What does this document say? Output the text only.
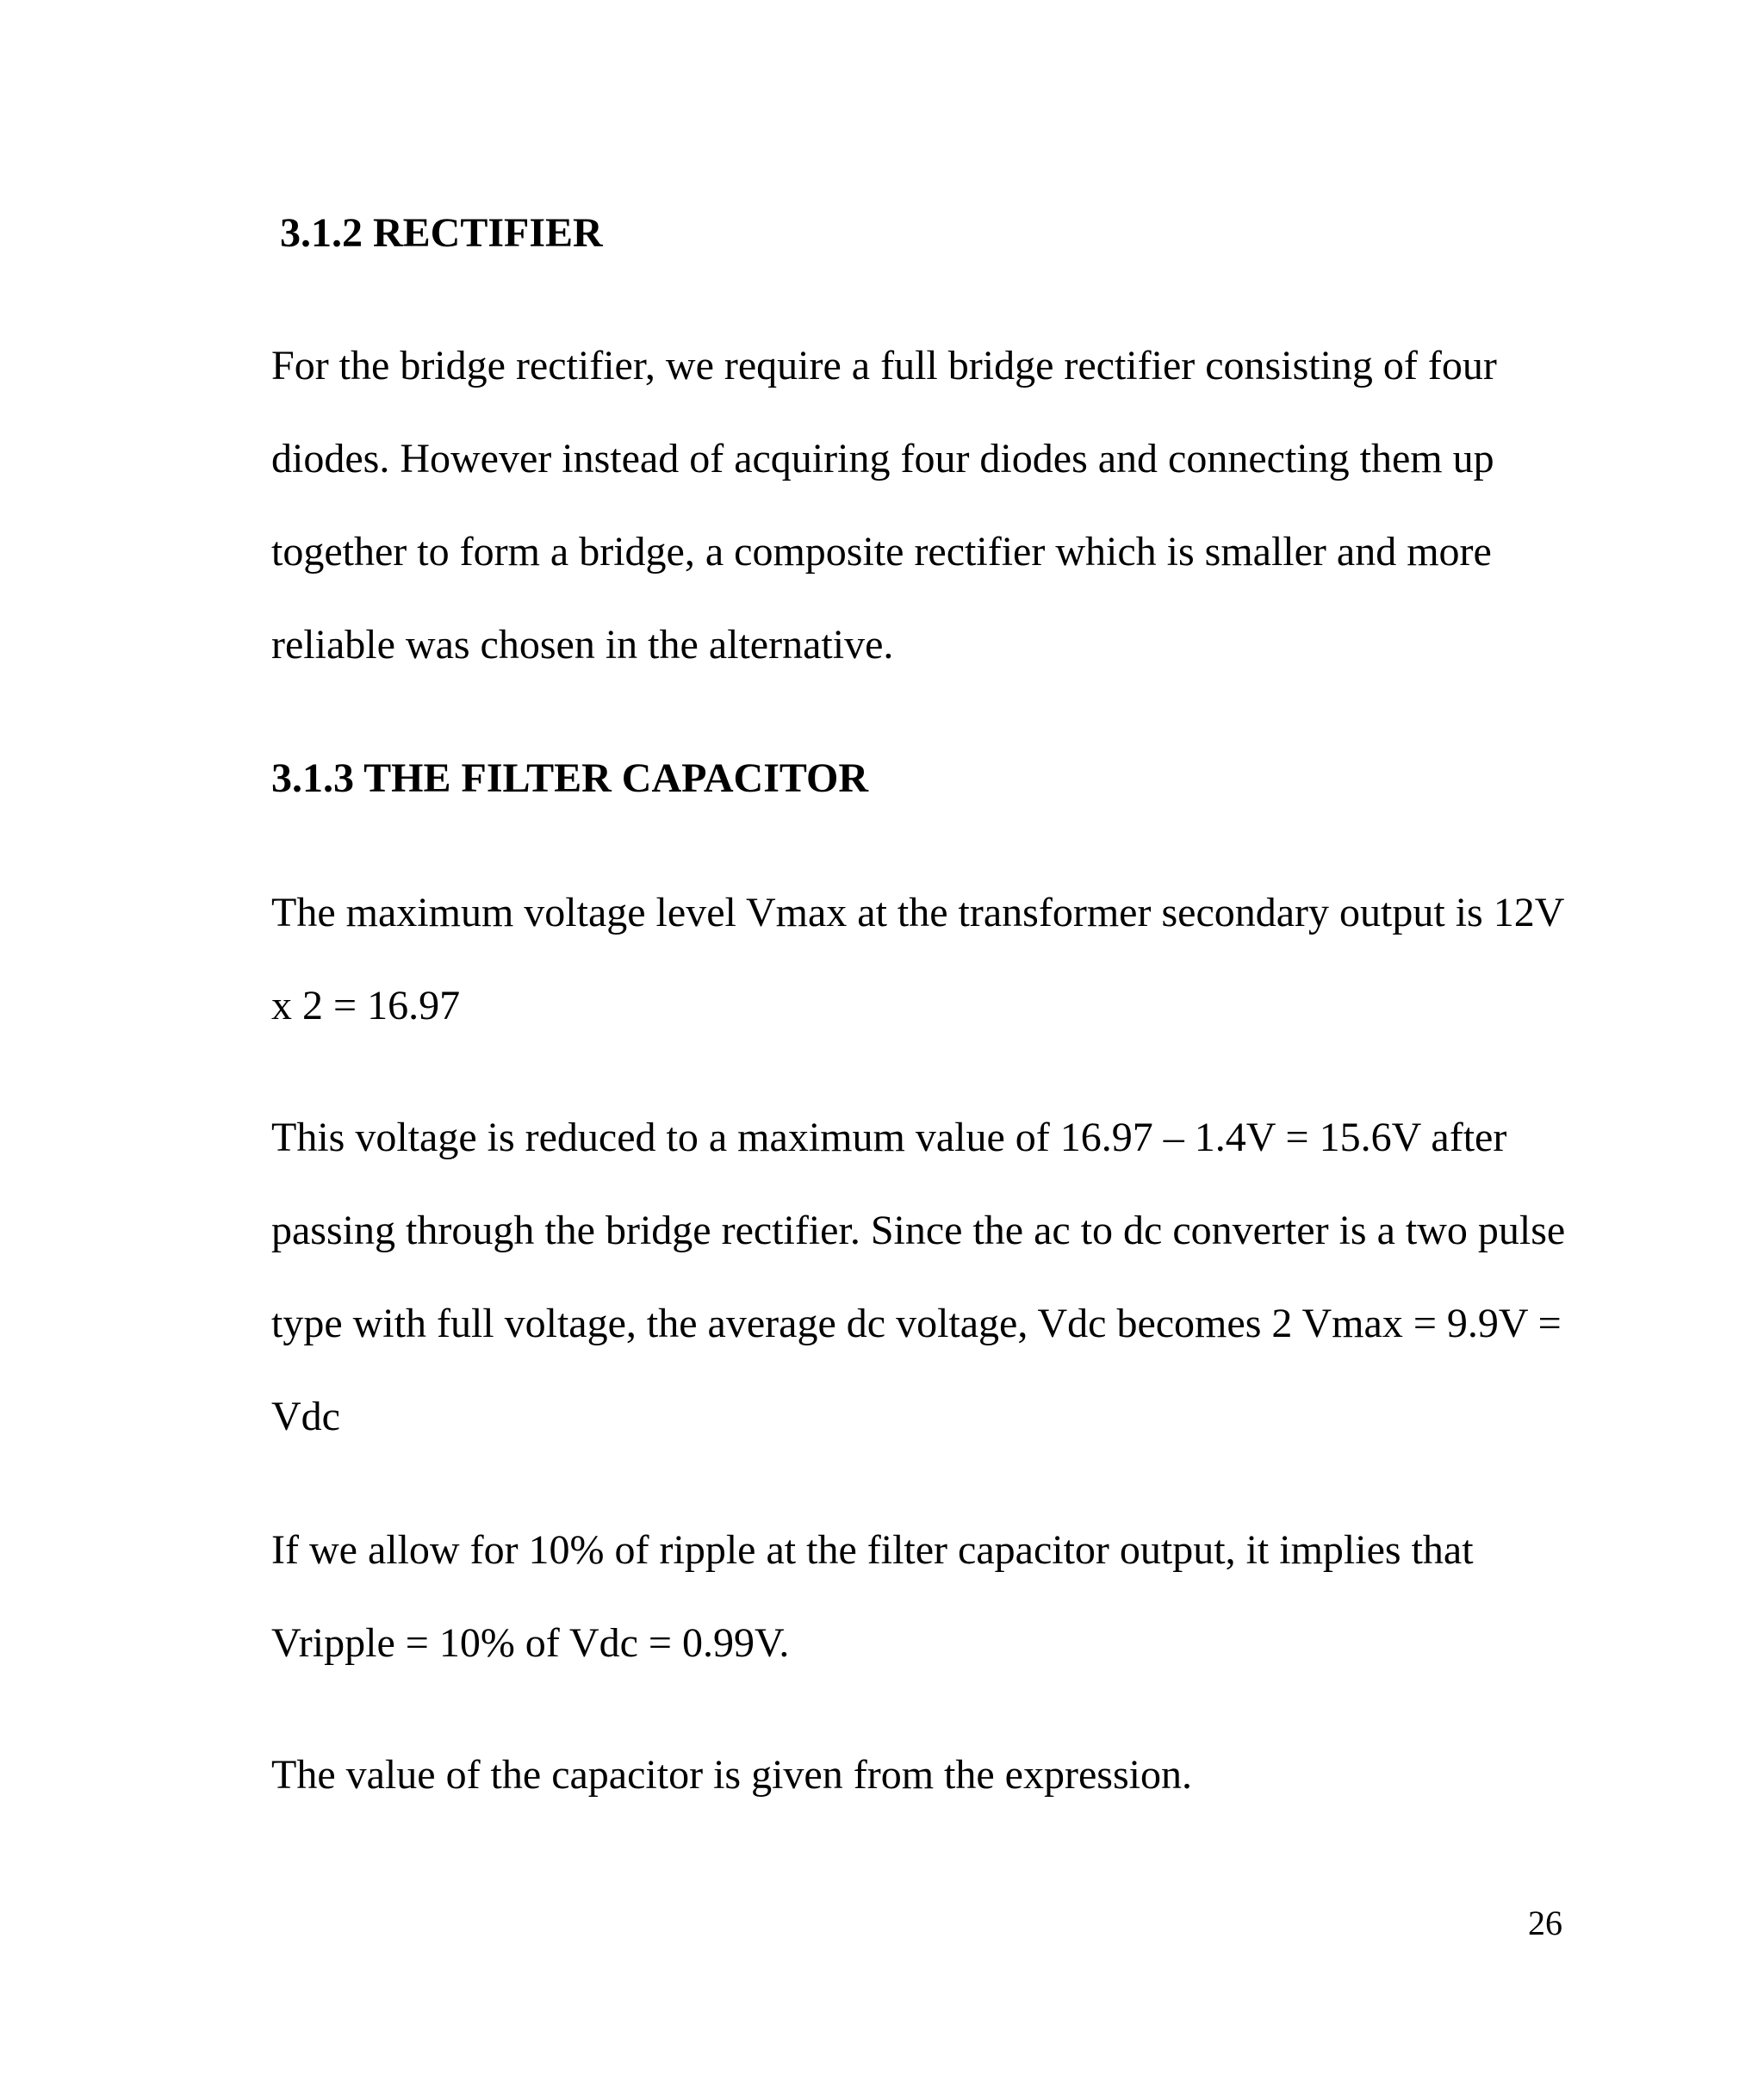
3.1.2 RECTIFIER

For the bridge rectifier, we require a full bridge rectifier consisting of four

diodes. However instead of acquiring four diodes and connecting them up

together to form a bridge, a composite rectifier which is smaller and more

reliable was chosen in the alternative.

3.1.3 THE FILTER CAPACITOR

The maximum voltage level Vmax at the transformer secondary output is 12V

x 2 = 16.97

This voltage is reduced to a maximum value of 16.97 – 1.4V = 15.6V after

passing through the bridge rectifier. Since the ac to dc converter is a two pulse

type with full voltage, the average dc voltage, Vdc becomes 2 Vmax = 9.9V =

Vdc

If we allow for 10% of ripple at the filter capacitor output, it implies that

Vripple = 10% of Vdc = 0.99V.

The value of the capacitor is given from the expression.

26
